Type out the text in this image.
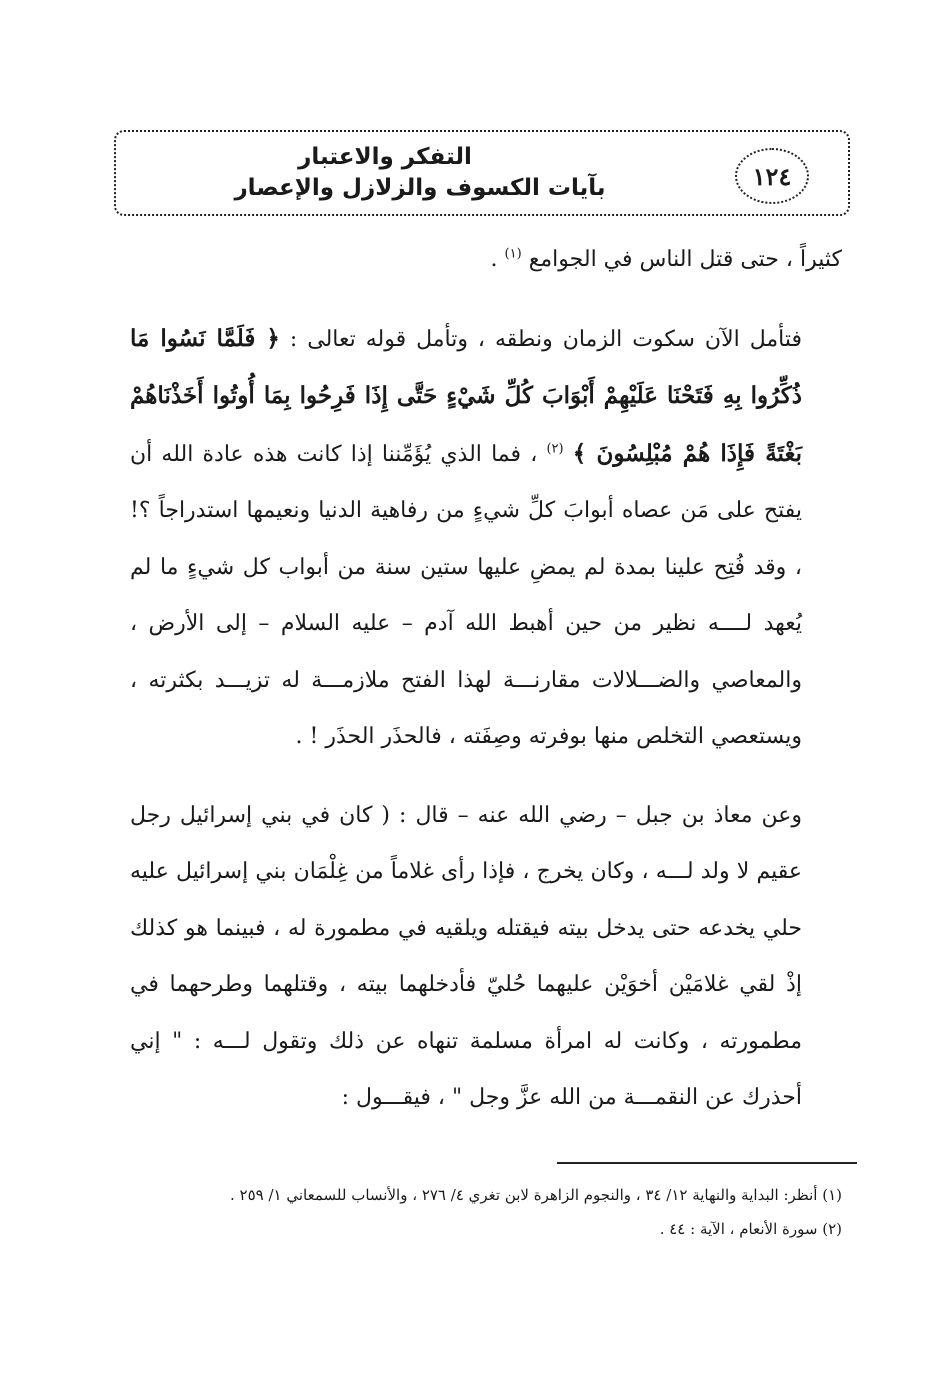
١٢٤
التفكر والاعتبار
بآيات الكسوف والزلازل والإعصار

كثيراً ، حتى قتل الناس في الجوامع $^{(١)}$ .

فتأمل الآن سكوت الزمان ونطقه ، وتأمل قوله تعالى : ﴿ فَلَمَّا نَسُوا مَا ذُكِّرُوا بِهِ فَتَحْنَا عَلَيْهِمْ أَبْوَابَ كُلِّ شَيْءٍ حَتَّى إِذَا فَرِحُوا بِمَا أُوتُوا أَخَذْنَاهُمْ بَغْتَةً فَإِذَا هُمْ مُبْلِسُونَ ﴾ $^{(٢)}$ ، فما الذي يُؤَمِّننا إذا كانت هذه عادة الله أن يفتح على مَن عصاه أبوابَ كلِّ شيءٍ من رفاهية الدنيا ونعيمها استدراجاً ؟! ، وقد فُتِح علينا بمدة لم يمضِ عليها ستين سنة من أبواب كل شيءٍ ما لم يُعهد لــــه نظير من حين أهبط الله آدم – عليه السلام – إلى الأرض ، والمعاصي والضـــلالات مقارنـــة لهذا الفتح ملازمـــة له تزيـــد بكثرته ، ويستعصي التخلص منها بوفرته وصِفَته ، فالحذَر الحذَر ! .

وعن معاذ بن جبل – رضي الله عنه – قال : ( كان في بني إسرائيل رجل عقيم لا ولد لـــه ، وكان يخرج ، فإذا رأى غلاماً من غِلْمَان بني إسرائيل عليه حلي يخدعه حتى يدخل بيته فيقتله ويلقيه في مطمورة له ، فبينما هو كذلك إذْ لقي غلامَيْن أخوَيْن عليهما حُليّ فأدخلهما بيته ، وقتلهما وطرحهما في مطمورته ، وكانت له امرأة مسلمة تنهاه عن ذلك وتقول لـــه : " إني أحذرك عن النقمـــة من الله عزَّ وجل " ، فيقـــول :

(١) أنظر: البداية والنهاية ١٢/ ٣٤ ، والنجوم الزاهرة لابن تغري ٤/ ٢٧٦ ، والأنساب للسمعاني ١/ ٢٥٩ .

(٢) سورة الأنعام ، الآية : ٤٤ .
